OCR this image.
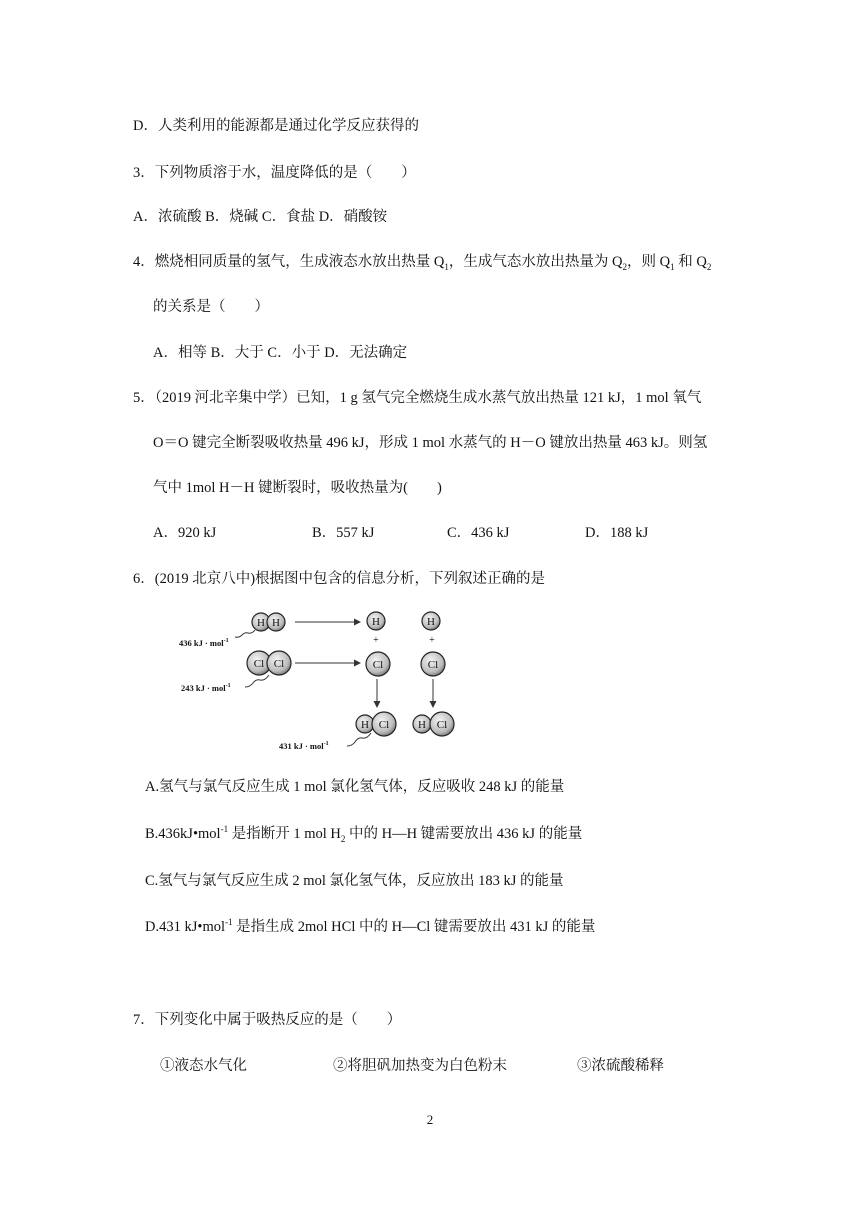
D．人类利用的能源都是通过化学反应获得的
3．下列物质溶于水，温度降低的是（　　）
A．浓硫酸 B．烧碱 C．食盐 D．硝酸铵
4．燃烧相同质量的氢气，生成液态水放出热量 $Q_1$，生成气态水放出热量为 $Q_2$，则 $Q_1$ 和 $Q_2$
的关系是（　　）
A．相等 B．大于 C．小于 D．无法确定
5．（2019 河北辛集中学）已知，1 g 氢气完全燃烧生成水蒸气放出热量 121 kJ，1 mol 氧气
O＝O 键完全断裂吸收热量 496 kJ，形成 1 mol 水蒸气的 H－O 键放出热量 463 kJ。则氢
气中 1mol H－H 键断裂时，吸收热量为(　　)
A．920 kJ	B．557 kJ	C．436 kJ	D．188 kJ
6．(2019 北京八中)根据图中包含的信息分析，下列叙述正确的是
H H
436 kJ · mol$^{-1}$
Cl Cl
243 kJ · mol$^{-1}$
H
+
Cl
H
+
Cl
H Cl	H Cl
431 kJ · mol$^{-1}$
A.氢气与氯气反应生成 1 mol 氯化氢气体，反应吸收 248 kJ 的能量
B.436kJ•mol$^{-1}$ 是指断开 1 mol $H_2$ 中的 H—H 键需要放出 436 kJ 的能量
C.氢气与氯气反应生成 2 mol 氯化氢气体，反应放出 183 kJ 的能量
D.431 kJ•mol$^{-1}$ 是指生成 2mol HCl 中的 H—Cl 键需要放出 431 kJ 的能量
7．下列变化中属于吸热反应的是（　　）
①液态水气化	②将胆矾加热变为白色粉末	③浓硫酸稀释
2
